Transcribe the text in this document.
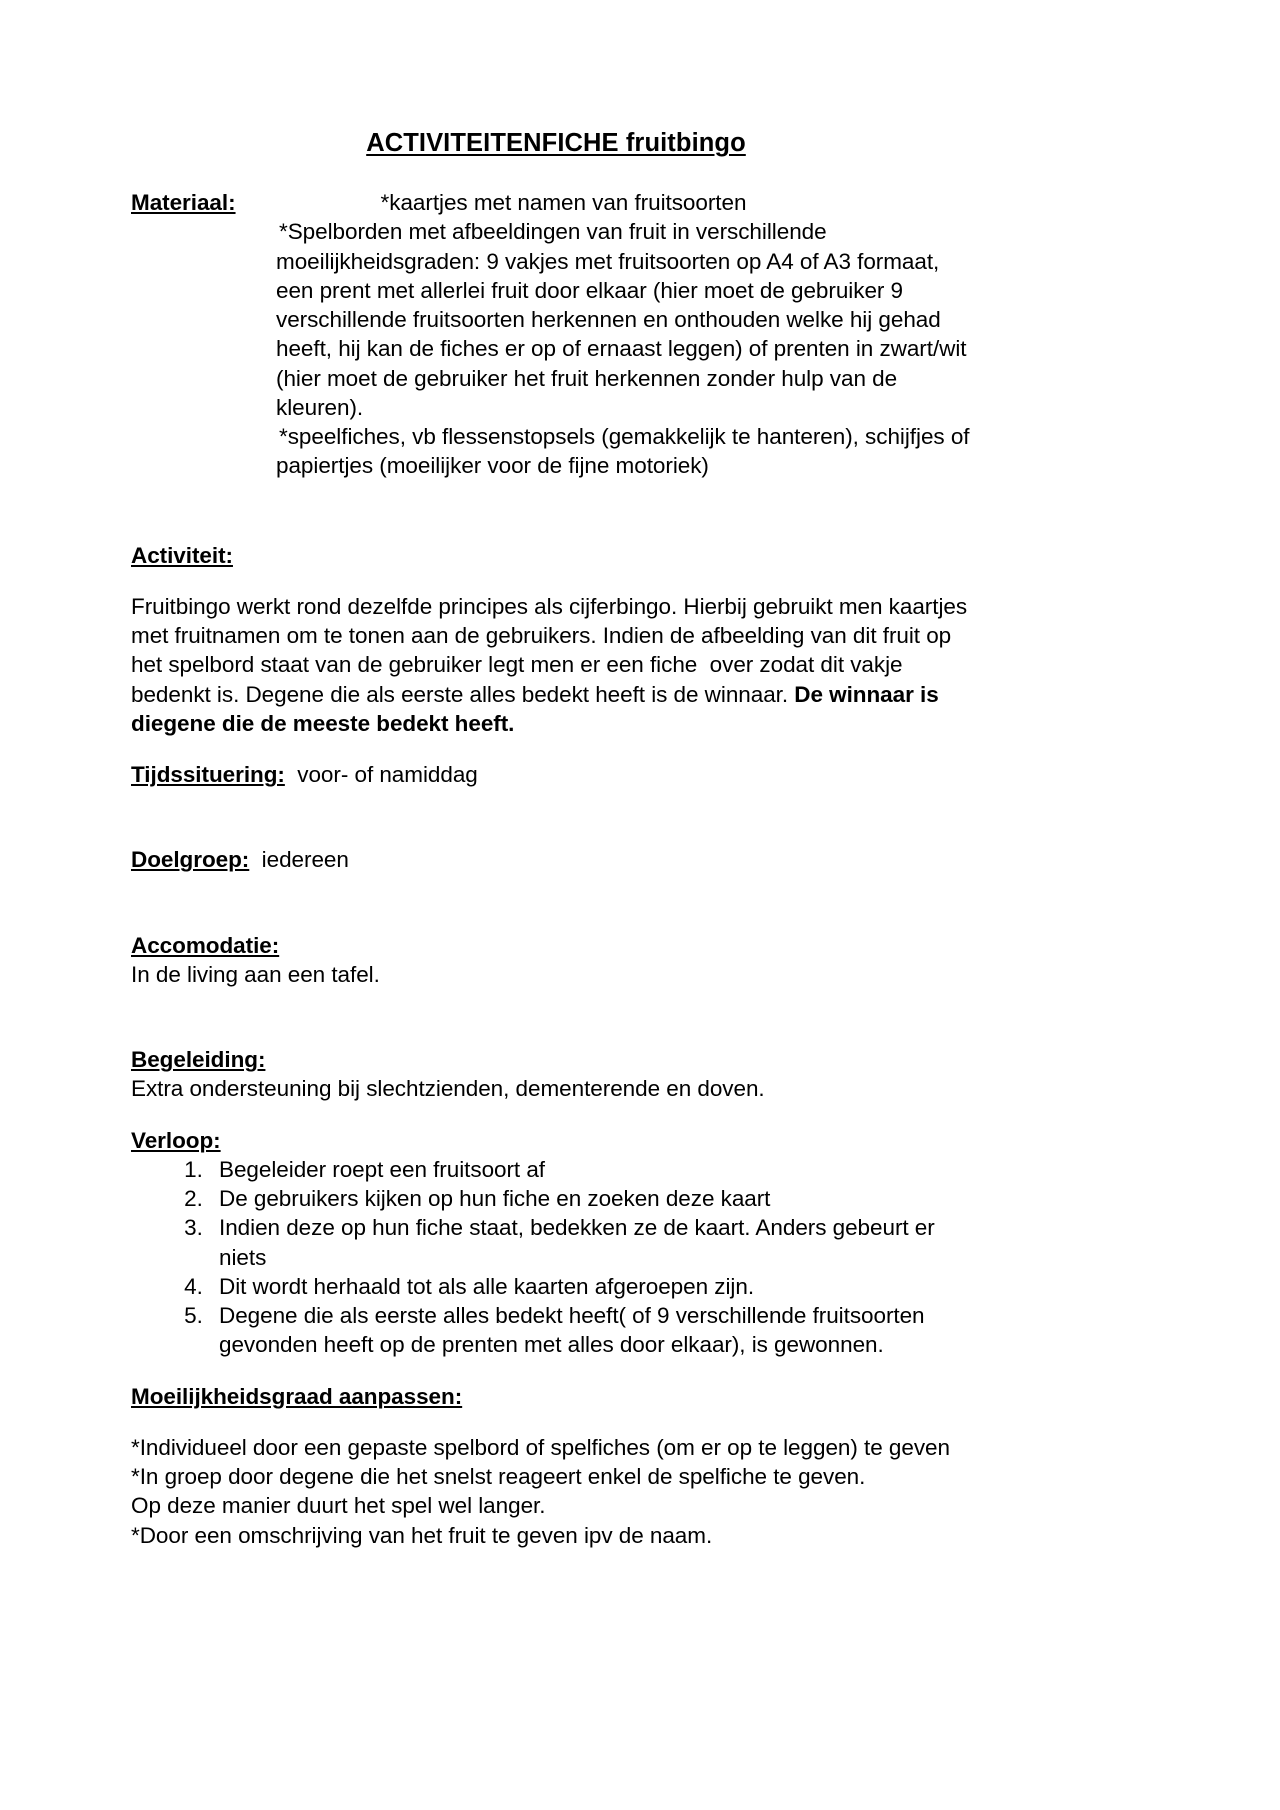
ACTIVITEITENFICHE fruitbingo

Materiaal:	*kaartjes met namen van fruitsoorten

*Spelborden met afbeeldingen van fruit in verschillende moeilijkheidsgraden: 9 vakjes met fruitsoorten op A4 of A3 formaat, een prent met allerlei fruit door elkaar (hier moet de gebruiker 9 verschillende fruitsoorten herkennen en onthouden welke hij gehad heeft, hij kan de fiches er op of ernaast leggen) of prenten in zwart/wit (hier moet de gebruiker het fruit herkennen zonder hulp van de kleuren).

*speelfiches, vb flessenstopsels (gemakkelijk te hanteren), schijfjes of papiertjes (moeilijker voor de fijne motoriek)

Activiteit:

Fruitbingo werkt rond dezelfde principes als cijferbingo. Hierbij gebruikt men kaartjes met fruitnamen om te tonen aan de gebruikers. Indien de afbeelding van dit fruit op het spelbord staat van de gebruiker legt men er een fiche  over zodat dit vakje bedenkt is. Degene die als eerste alles bedekt heeft is de winnaar. De winnaar is diegene die de meeste bedekt heeft.

Tijdssituering: voor- of namiddag

Doelgroep: iedereen

Accomodatie:

In de living aan een tafel.

Begeleiding:

Extra ondersteuning bij slechtzienden, dementerende en doven.

Verloop:

1. Begeleider roept een fruitsoort af
2. De gebruikers kijken op hun fiche en zoeken deze kaart
3. Indien deze op hun fiche staat, bedekken ze de kaart. Anders gebeurt er niets
4. Dit wordt herhaald tot als alle kaarten afgeroepen zijn.
5. Degene die als eerste alles bedekt heeft( of 9 verschillende fruitsoorten gevonden heeft op de prenten met alles door elkaar), is gewonnen.

Moeilijkheidsgraad aanpassen:

*Individueel door een gepaste spelbord of spelfiches (om er op te leggen) te geven

*In groep door degene die het snelst reageert enkel de spelfiche te geven.

Op deze manier duurt het spel wel langer.

*Door een omschrijving van het fruit te geven ipv de naam.
